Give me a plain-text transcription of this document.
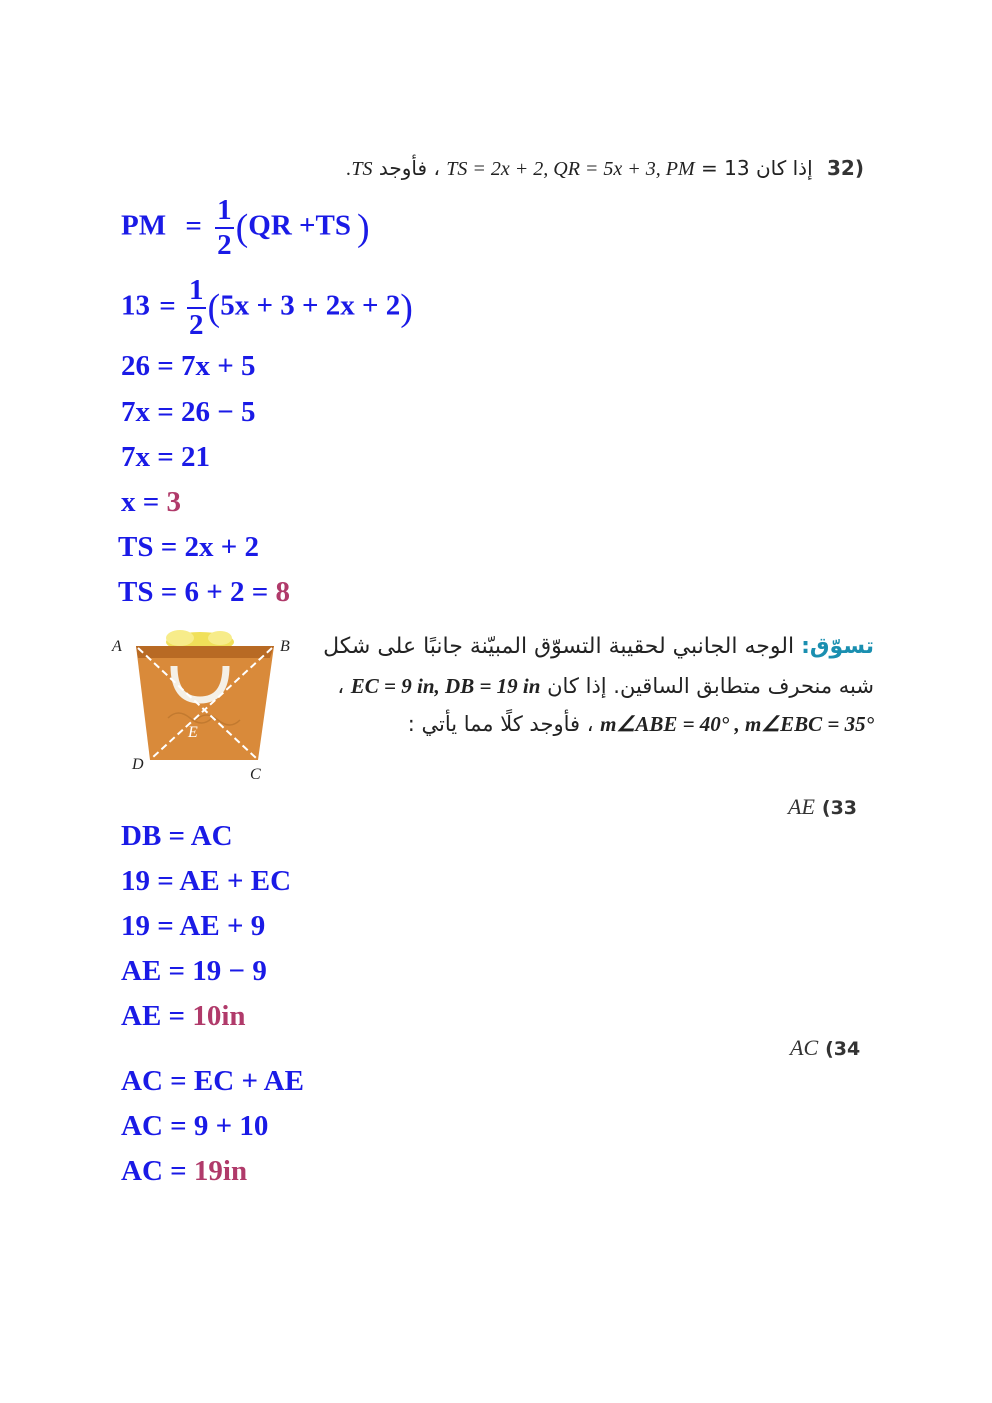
(32 إذا كان 13 = TS = 2x + 2, QR = 5x + 3, PM ، فأوجد TS.
PM = $\frac{1}{2} (QR +TS$ )
$13 = \frac{1}{2} (5x + 3 + 2x + 2)$
26 = 7x + 5
7x = 26 − 5
7x = 21
x = 3
TS = 2x + 2
TS = 6 + 2 = 8
A	B
D
C
E
تسوّق: الوجه الجانبي لحقيبة التسوّق المبيّنة جانبًا على شكل
شبه منحرف متطابق الساقين. إذا كان EC = 9 in, DB = 19 in ،
m∠ABE = 40° , m∠EBC = 35° ، فأوجد كلًا مما يأتي :
AE (33
DB = AC
19 = AE + EC
19 = AE + 9
AE = 19 − 9
AE = 10in
AC (34
AC = EC + AE
AC = 9 + 10
AC = 19in
